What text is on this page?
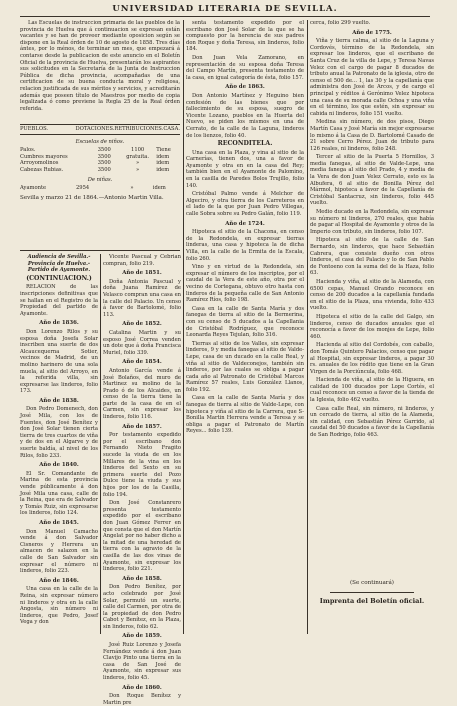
UNIVERSIDAD LITERARIA DE SEVILLA.

Las Escuelas de instruccion primaria de las pueblos de la provincia de Huelva que á continuacion se expresan están vacantes y se han de proveer mediante oposicion según se dispone en la Real órden de 10 de agosto de 1858. Tres días ántes, por lo ménos, de terminar un mes, que empezará á contarse desde la publicacion de este anuncio en el Boletín Oficial de la provincia de Huelva, presentarán los aspirantes sus solicitudes en la Secretaría de la Junta de Instruccion Pública de dicha provincia, acompañadas de una certificacion de su buena conducta moral y religiosa, relacion justificada de sus méritos y servicios, y acreditarán además que poseen título de Maestros por medio de copia legalizada ó como previene la Regla 25 de la Real órden referida.

PUEBLOS.	DOTACIONES.	RETRIBUCIONES.	CASA.
Escuelas de niños.
Palos.	3500	1100	Tiene
Cumbres mayores	3500	gratuita.	idem
Arroyomolinos	3500	»	idem
Cabezas Rubias.	3500	»	idem
De niñas.
Ayamonte	2954	»	idem
Sevilla y marzo 21 de 1864.—Antonio Martin Villa.
Audiencia de Sevilla.-Provincia de Huelva.-Partido de Ayamonte.
(CONTINUACION.)

RELACION de las inscripciones definitivas que se hallan en el Registro de la Propiedad del partido de Ayamonte.

Año de 1836.

Don Lorenzo Rilos y su esposa doña Josefa Solar inscriben una suerte de dos Alcaucequerna Sotier, vecinos de Madrid, de un molino harinero de una sola muela, al sitio del Arroyo, en la referida villa, sin expresarse las linderos, folio 173.

Año de 1838.

Don Pedro Domenech, don José Mila, con los de Fuentes, don José Benítez y don José Solar tienen cierta tierra de tres cuartos de viña y de dos en el Algarve y de suerte baldía, al nivel de los Rilos, folio 233.

Año de 1840.

El Sr. Comandante de Marina de esta provincia vende públicamente á don José Mila una casa, calle de la Reina, que era de Salvador y Tomás Ruiz, sin expresarse los linderos, folio 124.

Año de 1845.

Don Manuel Camacho vende á don Salvador Cisneros y Herrera un almacen de salazon en la calle de San Salvador sin expresar el número ni linderos, folio 223.

Año de 1846.

Una casa en la calle de la Reina, sin expresar número ni linderos y otra en la calle Angosta, sin número ni linderos, que Pedro, Josef Vega y don

Vicente Pascual y Cebrian compran, folio 219.

Año de 1851.

Doña Antonia Pascual y doña Juana Ramírez de Velasco compran una casa en la calle del Palacio. Un censo á favor de Bartolomé, folio 113.

Año de 1852.

Catalina Martin y su esposo José Correa venden un dote que á doña Francisca Muriel, folio 339.

Año de 1854.

Antonio García vende á José Bolaños, del muro de Martinez su molino de la Prado ó de los Alcaides, un censo de la tierra tiene la parte de la casa de en el Carmen, sin expresar los linderos, folio 116.

Año de 1857.

Por testamento expedido por el escribano don Fernando Nieto Fragito sucede la viuda de en los Millares de la vina en los linderos del Sexto en su primera suerte del Pozo Dulce tiene la viuda y sus hijos por los de la Casilla, folio 194.

Don José Constanrero presenta testamento expedido por el escribano don Juan Gómez Ferrer en que consta que el don Martín Angelat por no haber dicho a la mitad de una heredad de tierra con la agravio de la casilla de las dos vinas de Ayamonte, sin expresar los linderos, folio 221.

Año de 1858.

Don Pedro Benítez, por acto celebrado por José Solar, permutó un suerte, calle del Carmen, por otra de la propiedad de don Pedro Cabot y Benítez, en la Plaza, sin linderos, folio 62.

Año de 1859.

José Ruiz Lorenzo y Josefa Fernández vende á don Juan Clavijo Pinto una tierra en la casa de San José de Ayamonte, sin expresar sus linderos, folio 45.

Año de 1860.

Don Roque Benítez y Martin pre

senta testamento expedido por el escribano don José Solar de la que se ha compuesto por la herencia de sus padres don Roque y doña Teresa, sin linderos, folio 184.

Don Juan Vela Zamorano, en representación de su esposa doña Teresa del Campo Martín, presenta testamento de la casa, en igual categoría de ésta, folio 157.

Año de 1863.

Don Antonio Martínez y Heguino bien confesión de las bienes que por fallecimiento de su esposa, suegro de Vicente Lozano, pueblos en la Huerta del Nuevo, se piden los mismos en una de Cerrato, de la calle de la Laguna, linderos de los lienzos, folio 40.

RECONDITELA.

Una casa en la Plaza, y vina al sitio de la Carnerías, tienen dos, una a favor de Ayamonte y otra en en la casa del Rey; también bien en el Ayamonte de Palomino, en la casilla de Paredes Bolos Trujillo, folio 140.

Cristóbal Palmo vende á Melchor de Algeciro, y otra tierra de los Carreteros en el lado de la que por Juan Pedro Villegas, calle Sobra sobre su Pedro Galán, folio 119.

Año de 1724.

Hipoteca el sitio de la Chacona, en censo de la Redondela, en expresar tierras linderas, una casa y hipoteca la de dicha Villa, en la calle de la Ermita de la Escala, folio 260.

Vino y en virtud de la Redondela, sin expresar el número de los inscriptos, por el caudal de la Vera de este año, otra por el vecino de Cortegana, obtuvo otro hasta con linderos de la pequeña calle de San Antonio Ramírez Ríos, folio 198.

Casa en la calle de Santa María y dos fanegas de tierra al sitio de la Bermerina, con su censo de 5 ducados a la Capellania de Cristóbal Rodríguez, que reconoce Leonarda Reyes Tejulan, folio 316.

Tierras al sitio de los Valles, sin expresar linderos, 9 y media fanegas al sitio de Valde-Lepe, casa de un ducado en la calle Real, y viña al sitio de Valdeconejos, también sin linderos, por las cuales se obliga a pagar cada año al Patronato de Cristóbal Marcos Ramírez 57 reales, Luis González Llanos, folio 192.

Casa en la calle de Santa María y dos fanegas de tierra al sitio de Valde-Lepe, con hipoteca y viña al sitio de la Carrera, que S-Bonilla Martin Herrera vende a Teresa y se obliga a pagar el Patronato de Martín Reyes... folio 139.

cerca, folio 299 vuelto.

Año de 1775.

Viña y tierra calma, al sitio de la Laguna y Cordovés, término de la Redondela, sin expresar los linderos, que el escribano de Santa Cruz de la villa de Lepe, y Teresa Navas Velez con el cargo de pagar 8 ducados de tributo anual la Patronato de la iglesia, otro de censo el 500 de... 1, las 30 y la capellanía que administra don José de Arcos, y de cargo el principal y réditos á Gerónimo Velez hipoteca una casa de su morada calle Ochoa y una viña en el término, los que estén, sin expresar su cabida ni linderos, folio 151 vuelto.

Medina sin número, de dos pisos, Diego Martín Casa y José María sin mejor expresarse lo mismo á la Casa de D. Bartolomé Casado de 21 sobre Cerro Pérez. Juan de tributo para 126 reales, ni linderos, folio 248.

Tercer al sitio de la Puerta 5 Hornillos, 3 media fanegas, al sitio de Valde-Lepe, una media fanega al sitio del Prado, 4 y media de la Vera de don Juan Velez Cerrato, esto es la Albufera, 6 al sitio de Bonilla Pérez del Mármol, hipoteca a favor de la Capellanía de Cristóbal Santacruz, sin linderos, folio 445 vuelto.

Medio ducado en la Redondela, sin expresar su número ni linderos, 270 reales, que había de pagar al Hospital de Ayamonte y otros de la Imperio con tributo, sin linderos, folio 107.

Hipoteca al sitio de la calle de San Bernardo, sin linderos, que hace Sebastián Cabrera, que consiste dueño con otros linderos, el casa del Palacio y lo de San Pablo de Fontoeno con la suma del de la Haza, folio 63.

Hacienda y viña, al sitio de la Alameda, con 6500 cepas, Manuel Orando reconoce en censo de 200 ducados a la capellanía fundada en el sitio de la Plaza, una vivienda, folio 433 vuelto.

Hipoteca el sitio de la calle del Galgo, sin linderos, censo de ducados anuales que el reconocía a favor de los monjes de Lepe, folio 460.

Hacienda al sitio del Cordobés, con caballo, don Tomás Quintero Palacios, censo que pagar al Hospital, sin expresar linderos, a pagar 30 rs. anuales de los rédito que tiene en la Gran Virgen de la Porciúncula, folio 468.

Hacienda de viña, al sitio de la Higuera, en calidad de 100 ducados por Lope Cortés, el cual reconoce un censo a favor de la tienda de la Iglesia, folio 462 vuelto.

Casa calle Real, sin número, ni linderos, y un cercado de tierra, al sitio de la Alameda, sin calidad, con Sebastián Pérez Garrido, al caudal del 50 ducados a favor de la Capellanía de San Rodrigo, folio 463.

(Se continuará)
Imprenta del Boletín oficial.
